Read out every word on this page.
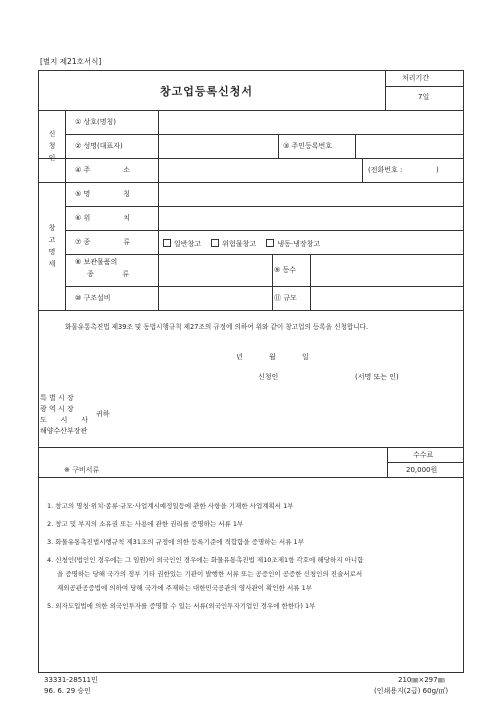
[별지 제21호서식]
창고업등록신청서
처리기간
7일
신
청
인
① 상호(명칭)
② 성명(대표자)	③ 주민등록번호
④ 주	소	(전화번호 :	)
창
고
명
세
⑤ 명	칭
⑥ 위	치
⑦ 종	류	일반창고	위험물창고	냉동·냉장창고
⑧ 보관물품의
종	류	⑨ 동수
⑩ 구조설비	⑪ 규모
화물유통촉진법 제39조 및 동법시행규칙 제27조의 규정에 의하여 위와 같이 창고업의 등록을 신청합니다.
년	월	일
신청인	(서명 또는 인)
특 별 시 장
광 역 시 장
도 시 사
해양수산부장관
귀하
※ 구비서류
수수료
20,000원
1. 창고의 명칭·위치·종류·규모·사업계시예정일등에 관한 사항을 기재한 사업계획서 1부
2. 창고 및 부지의 소유권 또는 사용에 관한 권리를 증명하는 서류 1부
3. 화물유통촉진법시행규칙 제31조의 규정에 의한 등록기준에 적합함을 증명하는 서류 1부
4. 신청인(법인인 경우에는 그 임원)이 외국인인 경우에는 화물유통촉진법 제10조제1항 각호에 해당하지 아니함
을 증명하는 당해 국가의 정부 기타 권한있는 기관이 발행한 서류 또는 공증인이 공증한 신청인의 진술서로서
재외공관공증법에 의하여 당해 국가에 주재하는 대한민국공관의 영사관이 확인한 서류 1부
5. 외자도입법에 의한 외국인투자를 증명할 수 있는 서류(외국인투자기업인 경우에 한한다) 1부
33331-28511민
96. 6. 29 승인
210㎜×297㎜
(인쇄용지(2급) 60g/㎡)
